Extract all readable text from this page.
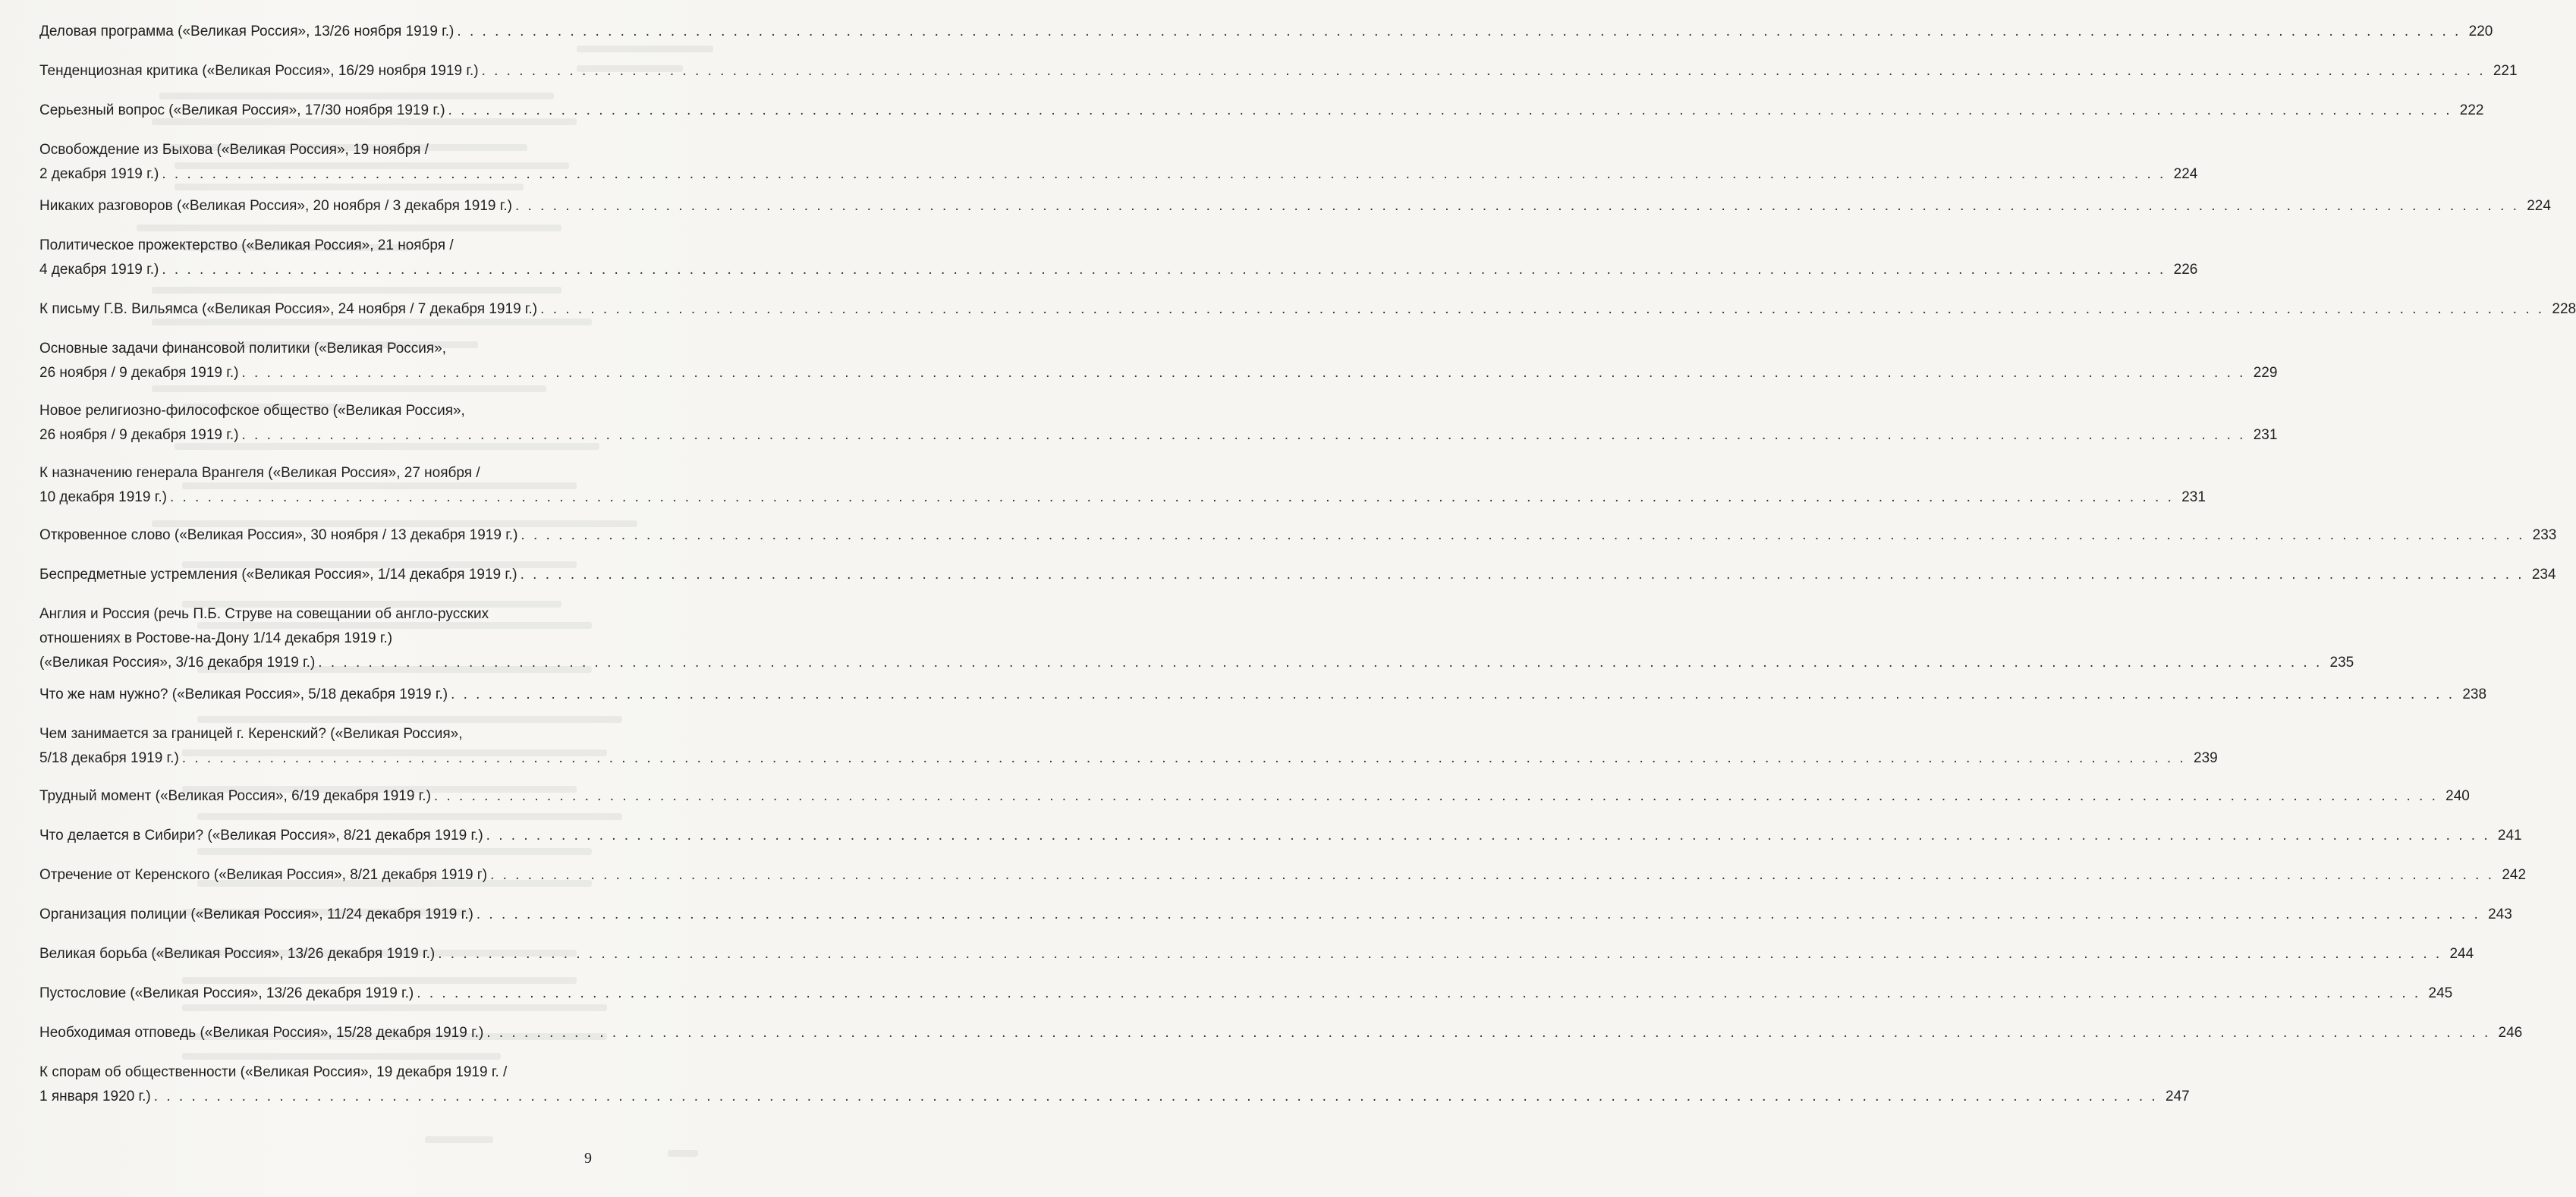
Деловая программа («Великая Россия», 13/26 ноября 1919 г.) . . . . . . . . . . . . . . . . . . . . . . . . . . . . . . . . . . . . . . . . . . . . . . . . . . . . . . . . . . . . . . . . . . . . . . . . . . . . . . . . . . . . . . . . . . . . . . . . . . . . . . . . . . . . . . . . . . . . . . . . . . . . . . . . . . . . . . . . . . . . . . . . . . . . . . . . . . . . . . . . 220
Тенденциозная критика («Великая Россия», 16/29 ноября 1919 г.) . . . . . . . . . . . . . . . . . . . . . . . . . . . . . . . . . . . . . . . . . . . . . . . . . . . . . . . . . . . . . . . . . . . . . . . . . . . . . . . . . . . . . . . . . . . . . . . . . . . . . . . . . . . . . . . . . . . . . . . . . . . . . . . . . . . . . . . . . . . . . . . . . . . . . . . . . . . . . . . . 221
Серьезный вопрос («Великая Россия», 17/30 ноября 1919 г.) . . . . . . . . . . . . . . . . . . . . . . . . . . . . . . . . . . . . . . . . . . . . . . . . . . . . . . . . . . . . . . . . . . . . . . . . . . . . . . . . . . . . . . . . . . . . . . . . . . . . . . . . . . . . . . . . . . . . . . . . . . . . . . . . . . . . . . . . . . . . . . . . . . . . . . . . . . . . . . . . 222
Освобождение из Быхова («Великая Россия», 19 ноября /
2 декабря 1919 г.) . . . . . . . . . . . . . . . . . . . . . . . . . . . . . . . . . . . . . . . . . . . . . . . . . . . . . . . . . . . . . . . . . . . . . . . . . . . . . . . . . . . . . . . . . . . . . . . . . . . . . . . . . . . . . . . . . . . . . . . . . . . . . . . . . . . . . . . . . . . . . . . . . . . . . . . . . . . . . . . . 224
Никаких разговоров («Великая Россия», 20 ноября / 3 декабря 1919 г.) . . . . . . . . . . . . . . . . . . . . . . . . . . . . . . . . . . . . . . . . . . . . . . . . . . . . . . . . . . . . . . . . . . . . . . . . . . . . . . . . . . . . . . . . . . . . . . . . . . . . . . . . . . . . . . . . . . . . . . . . . . . . . . . . . . . . . . . . . . . . . . . . . . . . . . . . . . . . . . . . 224
Политическое прожектерство («Великая Россия», 21 ноября /
4 декабря 1919 г.) . . . . . . . . . . . . . . . . . . . . . . . . . . . . . . . . . . . . . . . . . . . . . . . . . . . . . . . . . . . . . . . . . . . . . . . . . . . . . . . . . . . . . . . . . . . . . . . . . . . . . . . . . . . . . . . . . . . . . . . . . . . . . . . . . . . . . . . . . . . . . . . . . . . . . . . . . . . . . . . . 226
К письму Г.В. Вильямса («Великая Россия», 24 ноября / 7 декабря 1919 г.) . . . . . . . . . . . . . . . . . . . . . . . . . . . . . . . . . . . . . . . . . . . . . . . . . . . . . . . . . . . . . . . . . . . . . . . . . . . . . . . . . . . . . . . . . . . . . . . . . . . . . . . . . . . . . . . . . . . . . . . . . . . . . . . . . . . . . . . . . . . . . . . . . . . . . . . . . . . . . . . . 228
Основные задачи финансовой политики («Великая Россия»,
26 ноября / 9 декабря 1919 г.) . . . . . . . . . . . . . . . . . . . . . . . . . . . . . . . . . . . . . . . . . . . . . . . . . . . . . . . . . . . . . . . . . . . . . . . . . . . . . . . . . . . . . . . . . . . . . . . . . . . . . . . . . . . . . . . . . . . . . . . . . . . . . . . . . . . . . . . . . . . . . . . . . . . . . . . . . . . . . . . . 229
Новое религиозно-философское общество («Великая Россия»,
26 ноября / 9 декабря 1919 г.) . . . . . . . . . . . . . . . . . . . . . . . . . . . . . . . . . . . . . . . . . . . . . . . . . . . . . . . . . . . . . . . . . . . . . . . . . . . . . . . . . . . . . . . . . . . . . . . . . . . . . . . . . . . . . . . . . . . . . . . . . . . . . . . . . . . . . . . . . . . . . . . . . . . . . . . . . . . . . . . . 231
К назначению генерала Врангеля («Великая Россия», 27 ноября /
10 декабря 1919 г.) . . . . . . . . . . . . . . . . . . . . . . . . . . . . . . . . . . . . . . . . . . . . . . . . . . . . . . . . . . . . . . . . . . . . . . . . . . . . . . . . . . . . . . . . . . . . . . . . . . . . . . . . . . . . . . . . . . . . . . . . . . . . . . . . . . . . . . . . . . . . . . . . . . . . . . . . . . . . . . . . 231
Откровенное слово («Великая Россия», 30 ноября / 13 декабря 1919 г.) . . . . . . . . . . . . . . . . . . . . . . . . . . . . . . . . . . . . . . . . . . . . . . . . . . . . . . . . . . . . . . . . . . . . . . . . . . . . . . . . . . . . . . . . . . . . . . . . . . . . . . . . . . . . . . . . . . . . . . . . . . . . . . . . . . . . . . . . . . . . . . . . . . . . . . . . . . . . . . . . 233
Беспредметные устремления («Великая Россия», 1/14 декабря 1919 г.) . . . . . . . . . . . . . . . . . . . . . . . . . . . . . . . . . . . . . . . . . . . . . . . . . . . . . . . . . . . . . . . . . . . . . . . . . . . . . . . . . . . . . . . . . . . . . . . . . . . . . . . . . . . . . . . . . . . . . . . . . . . . . . . . . . . . . . . . . . . . . . . . . . . . . . . . . . . . . . . . 234
Англия и Россия (речь П.Б. Струве на совещании об англо-русских
отношениях в Ростове-на-Дону 1/14 декабря 1919 г.)
(«Великая Россия», 3/16 декабря 1919 г.) . . . . . . . . . . . . . . . . . . . . . . . . . . . . . . . . . . . . . . . . . . . . . . . . . . . . . . . . . . . . . . . . . . . . . . . . . . . . . . . . . . . . . . . . . . . . . . . . . . . . . . . . . . . . . . . . . . . . . . . . . . . . . . . . . . . . . . . . . . . . . . . . . . . . . . . . . . . . . . . . 235
Что же нам нужно? («Великая Россия», 5/18 декабря 1919 г.) . . . . . . . . . . . . . . . . . . . . . . . . . . . . . . . . . . . . . . . . . . . . . . . . . . . . . . . . . . . . . . . . . . . . . . . . . . . . . . . . . . . . . . . . . . . . . . . . . . . . . . . . . . . . . . . . . . . . . . . . . . . . . . . . . . . . . . . . . . . . . . . . . . . . . . . . . . . . . . . . 238
Чем занимается за границей г. Керенский? («Великая Россия»,
5/18 декабря 1919 г.) . . . . . . . . . . . . . . . . . . . . . . . . . . . . . . . . . . . . . . . . . . . . . . . . . . . . . . . . . . . . . . . . . . . . . . . . . . . . . . . . . . . . . . . . . . . . . . . . . . . . . . . . . . . . . . . . . . . . . . . . . . . . . . . . . . . . . . . . . . . . . . . . . . . . . . . . . . . . . . . . 239
Трудный момент («Великая Россия», 6/19 декабря 1919 г.) . . . . . . . . . . . . . . . . . . . . . . . . . . . . . . . . . . . . . . . . . . . . . . . . . . . . . . . . . . . . . . . . . . . . . . . . . . . . . . . . . . . . . . . . . . . . . . . . . . . . . . . . . . . . . . . . . . . . . . . . . . . . . . . . . . . . . . . . . . . . . . . . . . . . . . . . . . . . . . . . 240
Что делается в Сибири? («Великая Россия», 8/21 декабря 1919 г.) . . . . . . . . . . . . . . . . . . . . . . . . . . . . . . . . . . . . . . . . . . . . . . . . . . . . . . . . . . . . . . . . . . . . . . . . . . . . . . . . . . . . . . . . . . . . . . . . . . . . . . . . . . . . . . . . . . . . . . . . . . . . . . . . . . . . . . . . . . . . . . . . . . . . . . . . . . . . . . . . 241
Отречение от Керенского («Великая Россия», 8/21 декабря 1919 г) . . . . . . . . . . . . . . . . . . . . . . . . . . . . . . . . . . . . . . . . . . . . . . . . . . . . . . . . . . . . . . . . . . . . . . . . . . . . . . . . . . . . . . . . . . . . . . . . . . . . . . . . . . . . . . . . . . . . . . . . . . . . . . . . . . . . . . . . . . . . . . . . . . . . . . . . . . . . . . . . 242
Организация полиции («Великая Россия», 11/24 декабря 1919 г.) . . . . . . . . . . . . . . . . . . . . . . . . . . . . . . . . . . . . . . . . . . . . . . . . . . . . . . . . . . . . . . . . . . . . . . . . . . . . . . . . . . . . . . . . . . . . . . . . . . . . . . . . . . . . . . . . . . . . . . . . . . . . . . . . . . . . . . . . . . . . . . . . . . . . . . . . . . . . . . . . 243
Великая борьба («Великая Россия», 13/26 декабря 1919 г.) . . . . . . . . . . . . . . . . . . . . . . . . . . . . . . . . . . . . . . . . . . . . . . . . . . . . . . . . . . . . . . . . . . . . . . . . . . . . . . . . . . . . . . . . . . . . . . . . . . . . . . . . . . . . . . . . . . . . . . . . . . . . . . . . . . . . . . . . . . . . . . . . . . . . . . . . . . . . . . . . 244
Пустословие («Великая Россия», 13/26 декабря 1919 г.) . . . . . . . . . . . . . . . . . . . . . . . . . . . . . . . . . . . . . . . . . . . . . . . . . . . . . . . . . . . . . . . . . . . . . . . . . . . . . . . . . . . . . . . . . . . . . . . . . . . . . . . . . . . . . . . . . . . . . . . . . . . . . . . . . . . . . . . . . . . . . . . . . . . . . . . . . . . . . . . . 245
Необходимая отповедь («Великая Россия», 15/28 декабря 1919 г.) . . . . . . . . . . . . . . . . . . . . . . . . . . . . . . . . . . . . . . . . . . . . . . . . . . . . . . . . . . . . . . . . . . . . . . . . . . . . . . . . . . . . . . . . . . . . . . . . . . . . . . . . . . . . . . . . . . . . . . . . . . . . . . . . . . . . . . . . . . . . . . . . . . . . . . . . . . . . . . . . 246
К спорам об общественности («Великая Россия», 19 декабря 1919 г. /
1 января 1920 г.) . . . . . . . . . . . . . . . . . . . . . . . . . . . . . . . . . . . . . . . . . . . . . . . . . . . . . . . . . . . . . . . . . . . . . . . . . . . . . . . . . . . . . . . . . . . . . . . . . . . . . . . . . . . . . . . . . . . . . . . . . . . . . . . . . . . . . . . . . . . . . . . . . . . . . . . . . . . . . . . . 247
9
